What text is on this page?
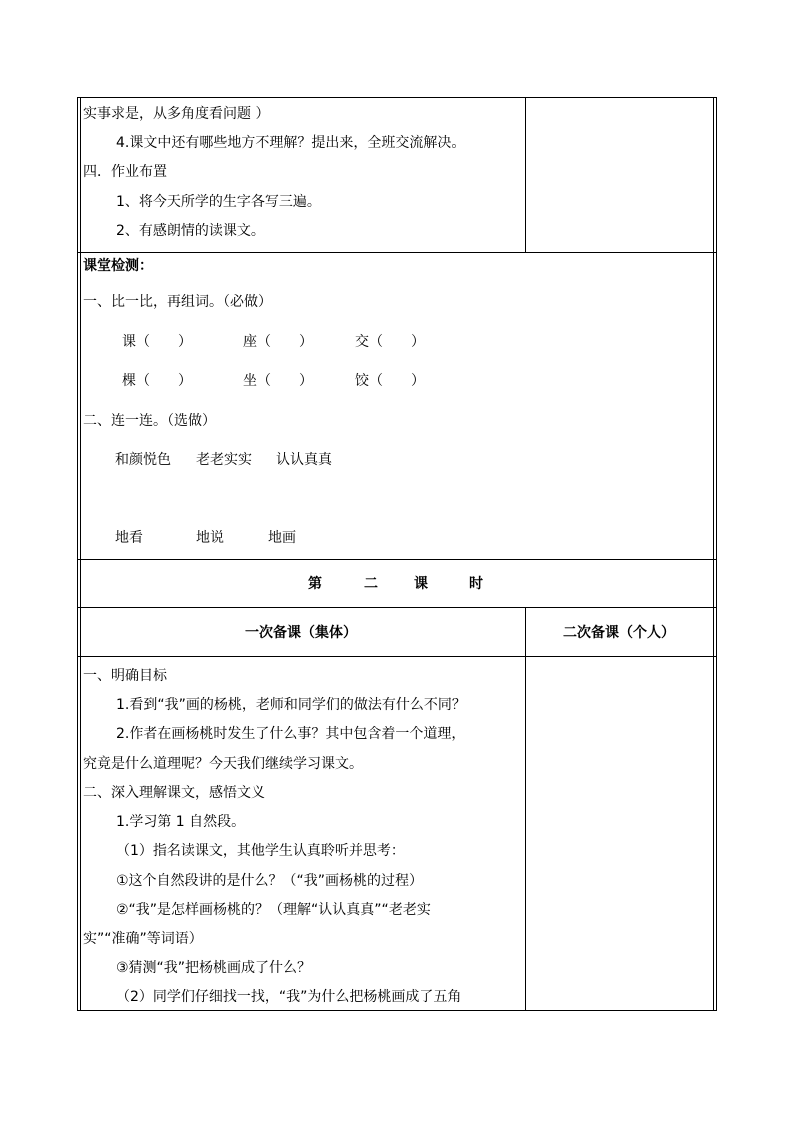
实事求是，从多角度看问题 ）
4.课文中还有哪些地方不理解？提出来，全班交流解决。
四．作业布置
1、将今天所学的生字各写三遍。
2、有感朗情的读课文。
课堂检测：
一、比一比，再组词。（必做）
课（　　）	座（　　）	交（　　）
棵（　　）	坐（　　）	饺（　　）
二、连一连。（选做）
和颜悦色 老老实实 认认真真
地看	地说	地画
第	二	课	时
一次备课（集体）	二次备课（个人）
一、明确目标
1.看到“我”画的杨桃，老师和同学们的做法有什么不同？
2.作者在画杨桃时发生了什么事？其中包含着一个道理，
究竟是什么道理呢？今天我们继续学习课文。
二、深入理解课文，感悟文义
1.学习第 1 自然段。
（1）指名读课文，其他学生认真聆听并思考：
①这个自然段讲的是什么？（“我”画杨桃的过程）
②“我”是怎样画杨桃的？（理解“认认真真”“老老实
实”“准确”等词语）
③猜测“我”把杨桃画成了什么？
（2）同学们仔细找一找，“我”为什么把杨桃画成了五角
